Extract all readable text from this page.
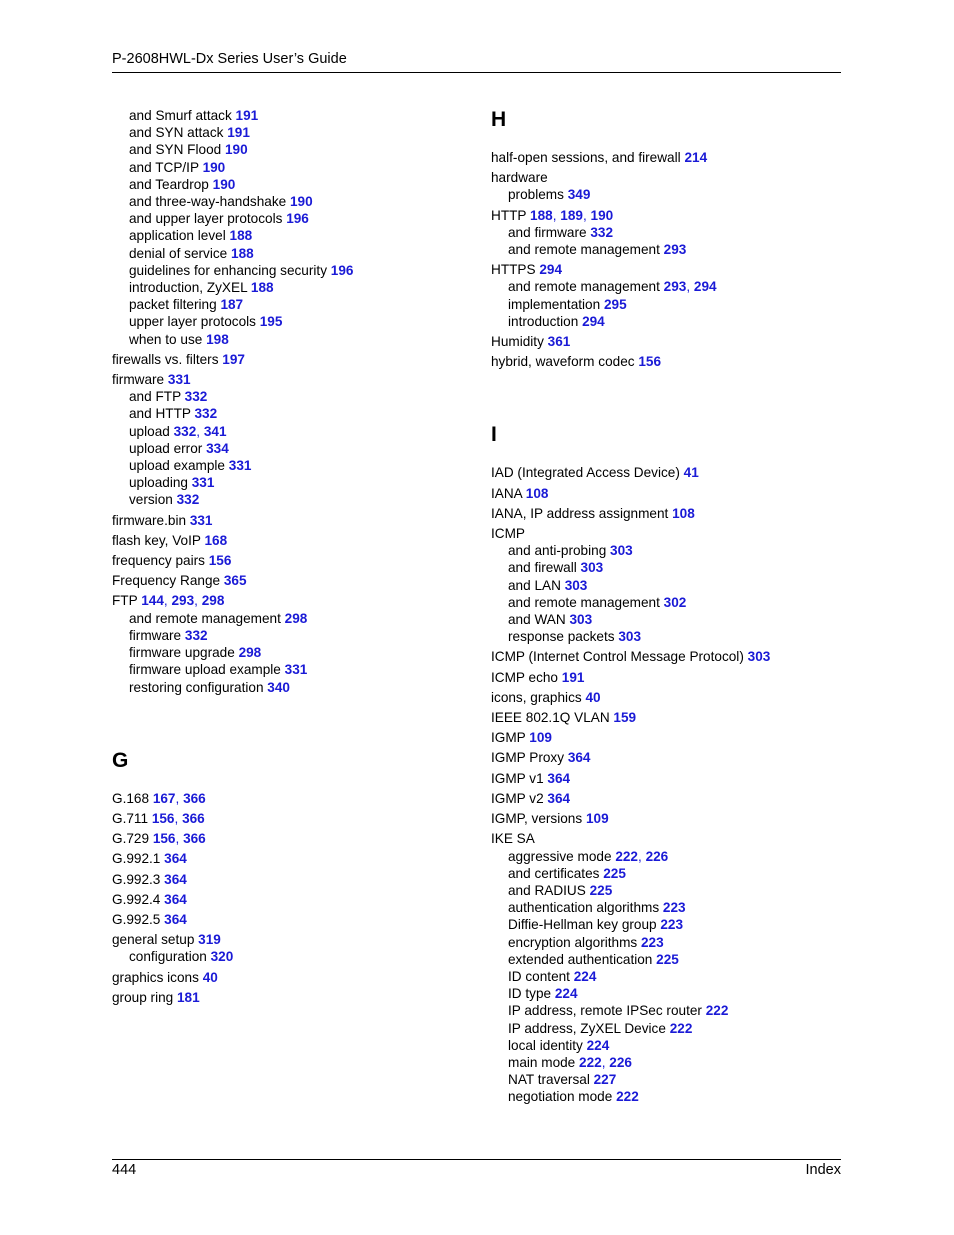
P-2608HWL-Dx Series User’s Guide
and Smurf attack 191
and SYN attack 191
and SYN Flood 190
and TCP/IP 190
and Teardrop 190
and three-way-handshake 190
and upper layer protocols 196
application level 188
denial of service 188
guidelines for enhancing security 196
introduction, ZyXEL 188
packet filtering 187
upper layer protocols 195
when to use 198
firewalls vs. filters 197
firmware 331
and FTP 332
and HTTP 332
upload 332, 341
upload error 334
upload example 331
uploading 331
version 332
firmware.bin 331
flash key, VoIP 168
frequency pairs 156
Frequency Range 365
FTP 144, 293, 298
and remote management 298
firmware 332
firmware upgrade 298
firmware upload example 331
restoring configuration 340
G
G.168 167, 366
G.711 156, 366
G.729 156, 366
G.992.1 364
G.992.3 364
G.992.4 364
G.992.5 364
general setup 319
configuration 320
graphics icons 40
group ring 181
H
half-open sessions, and firewall 214
hardware
problems 349
HTTP 188, 189, 190
and firmware 332
and remote management 293
HTTPS 294
and remote management 293, 294
implementation 295
introduction 294
Humidity 361
hybrid, waveform codec 156
I
IAD (Integrated Access Device) 41
IANA 108
IANA, IP address assignment 108
ICMP
and anti-probing 303
and firewall 303
and LAN 303
and remote management 302
and WAN 303
response packets 303
ICMP (Internet Control Message Protocol) 303
ICMP echo 191
icons, graphics 40
IEEE 802.1Q VLAN 159
IGMP 109
IGMP Proxy 364
IGMP v1 364
IGMP v2 364
IGMP, versions 109
IKE SA
aggressive mode 222, 226
and certificates 225
and RADIUS 225
authentication algorithms 223
Diffie-Hellman key group 223
encryption algorithms 223
extended authentication 225
ID content 224
ID type 224
IP address, remote IPSec router 222
IP address, ZyXEL Device 222
local identity 224
main mode 222, 226
NAT traversal 227
negotiation mode 222
444	Index
